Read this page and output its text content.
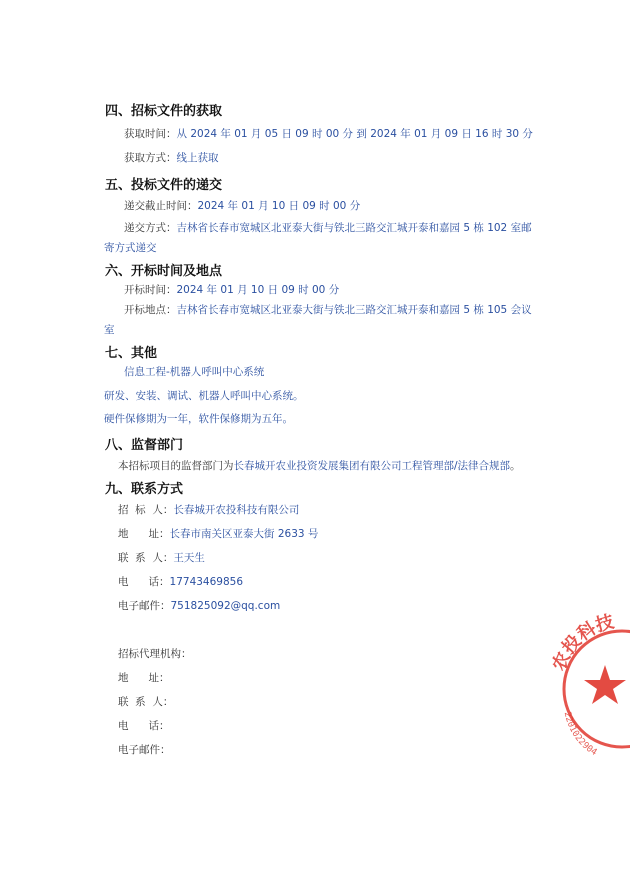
四、招标文件的获取
获取时间：从 2024 年 01 月 05 日 09 时 00 分 到 2024 年 01 月 09 日 16 时 30 分
获取方式：线上获取
五、投标文件的递交
递交截止时间：2024 年 01 月 10 日 09 时 00 分
递交方式：吉林省长春市宽城区北亚泰大街与铁北三路交汇城开泰和嘉园 5 栋 102 室邮
寄方式递交
六、开标时间及地点
开标时间：2024 年 01 月 10 日 09 时 00 分
开标地点：吉林省长春市宽城区北亚泰大街与铁北三路交汇城开泰和嘉园 5 栋 105 会议
室
七、其他
信息工程-机器人呼叫中心系统
研发、安装、调试、机器人呼叫中心系统。
硬件保修期为一年，软件保修期为五年。
八、监督部门
本招标项目的监督部门为长春城开农业投资发展集团有限公司工程管理部/法律合规部。
九、联系方式
招  标  人：长春城开农投科技有限公司
地      址：长春市南关区亚泰大街 2633 号
联  系  人：王天生
电      话：17743469856
电子邮件：751825092@qq.com
招标代理机构：
地      址：
联  系  人：
电      话：
电子邮件：
农投科技
2201022904
